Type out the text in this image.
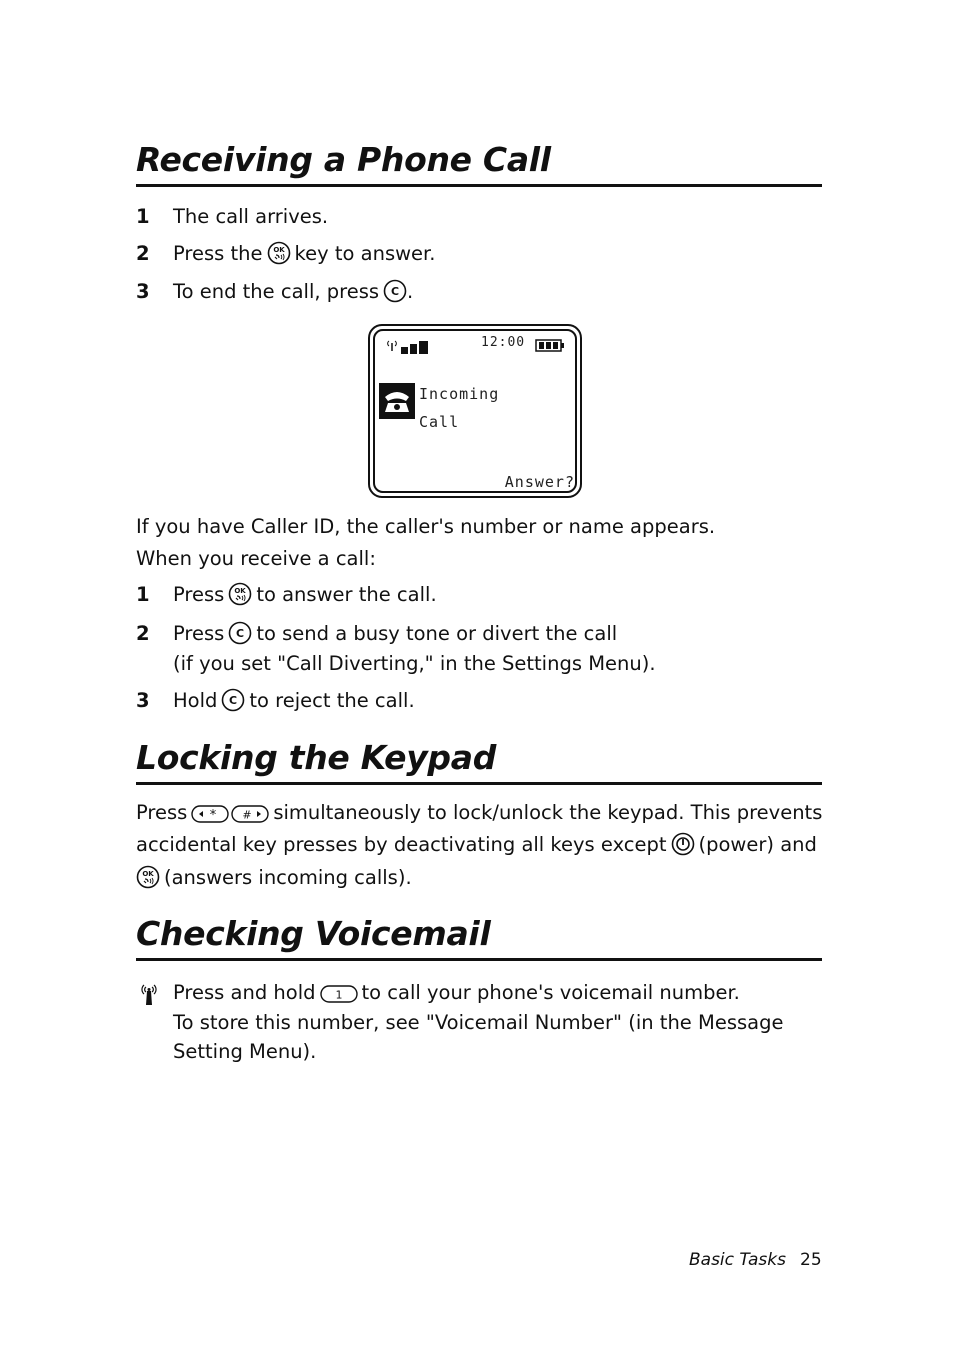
Receiving a Phone Call
1	The call arrives.
2	Press the OK key to answer.
3	To end the call, press C .
12:00
Incoming
Call
Answer?
If you have Caller ID, the caller's number or name appears.
When you receive a call:
1	Press OK to answer the call.
2	Press C to send a busy tone or divert the call
(if you set "Call Diverting," in the Settings Menu).
3	Hold C to reject the call.
Locking the Keypad
Press * # simultaneously to lock/unlock the keypad. This prevents
accidental key presses by deactivating all keys except (power) and
OK (answers incoming calls).
Checking Voicemail
Press and hold 1 to call your phone's voicemail number.
To store this number, see "Voicemail Number" (in the Message
Setting Menu).
Basic Tasks 25
